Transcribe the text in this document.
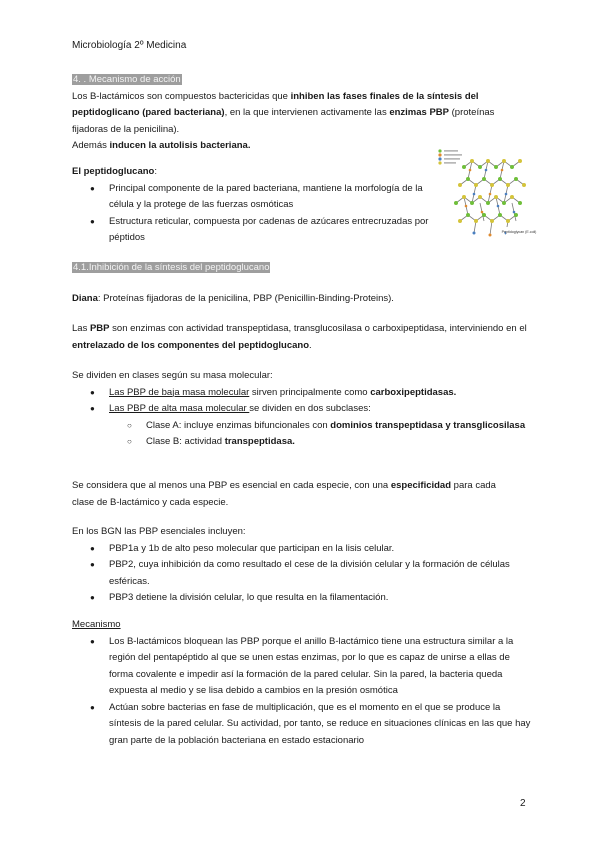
Microbiología 2º Medicina
4. . Mecanismo de acción
Los B-lactámicos son compuestos bactericidas que inhiben las fases finales de la síntesis del peptidoglicano (pared bacteriana), en la que intervienen activamente las enzimas PBP (proteínas fijadoras de la penicilina).
Además inducen la autolisis bacteriana.
El peptidoglucano:
● Principal componente de la pared bacteriana, mantiene la morfología de la célula y la protege de las fuerzas osmóticas
● Estructura reticular, compuesta por cadenas de azúcares entrecruzadas por péptidos	Peptidoglycan (E.coli)
4.1.Inhibición de la síntesis del peptidoglucano
Diana: Proteínas fijadoras de la penicilina, PBP (Penicillin-Binding-Proteins).
Las PBP son enzimas con actividad transpeptidasa, transglucosilasa o carboxipeptidasa, interviniendo en el entrelazado de los componentes del peptidoglucano.
Se dividen en clases según su masa molecular:
● Las PBP de baja masa molecular sirven principalmente como carboxipeptidasas.
● Las PBP de alta masa molecular se dividen en dos subclases:
○ Clase A: incluye enzimas bifuncionales con dominios transpeptidasa y transglicosilasa
○ Clase B: actividad transpeptidasa.
Se considera que al menos una PBP es esencial en cada especie, con una especificidad para cada clase de B-lactámico y cada especie.
En los BGN las PBP esenciales incluyen:
● PBP1a y 1b de alto peso molecular que participan en la lisis celular.
● PBP2, cuya inhibición da como resultado el cese de la división celular y la formación de células esféricas.
● PBP3 detiene la división celular, lo que resulta en la filamentación.
Mecanismo
● Los B-lactámicos bloquean las PBP porque el anillo B-lactámico tiene una estructura similar a la región del pentapéptido al que se unen estas enzimas, por lo que es capaz de unirse a ellas de forma covalente e impedir así la formación de la pared celular. Sin la pared, la bacteria queda expuesta al medio y se lisa debido a cambios en la presión osmótica
● Actúan sobre bacterias en fase de multiplicación, que es el momento en el que se produce la síntesis de la pared celular. Su actividad, por tanto, se reduce en situaciones clínicas en las que hay gran parte de la población bacteriana en estado estacionario
2
